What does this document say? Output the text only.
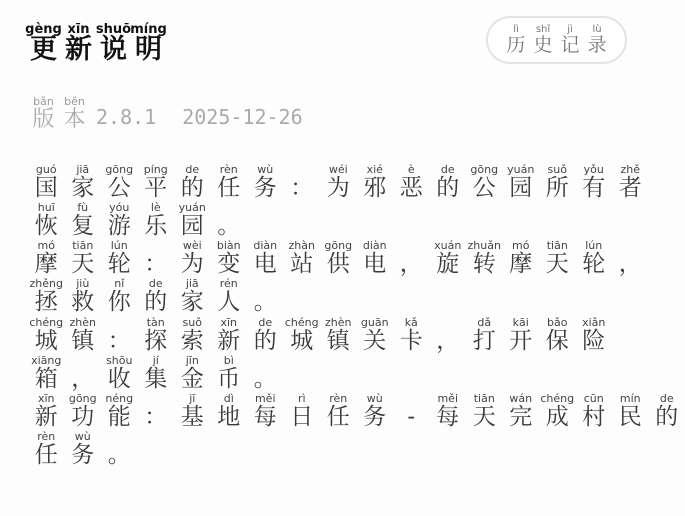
gèng
更
xīn
新
shuō
说
míng
明
lì
历
shǐ
史
jì
记
lù
录
bǎn
版
běn
本 2.8.1 2025-12-26
guó
国
jiā
家
gōng
公
píng
平
de
的
rèn
任
wù
务 ：
wéi
为
xié
邪
è
恶
de
的
gōng
公
yuán
园
suǒ
所
yǒu
有
zhě
者
huī
恢
fù
复
yóu
游
lè
乐
yuán
园 。
mó
摩
tiān
天
lún
轮 ：
wèi
为
biàn
变
diàn
电
zhàn
站
gōng
供
diàn
电 ，
xuán
旋
zhuǎn
转
mó
摩
tiān
天
lún
轮 ，
zhěng
拯
jiù
救
nǐ
你
de
的
jiā
家
rén
人 。
chéng
城
zhèn
镇 ：
tàn
探
suǒ
索
xīn
新
de
的
chéng
城
zhèn
镇
guān
关
kǎ
卡 ，
dǎ
打
kāi
开
bǎo
保
xiǎn
险
xiāng
箱 ，
shōu
收
jí
集
jīn
金
bì
币 。
xīn
新
gōng
功
néng
能 ：
jī
基
dì
地
měi
每
rì
日
rèn
任
wù
务 -
měi
每
tiān
天
wán
完
chéng
成
cūn
村
mín
民
de
的
rèn
任
wù
务 。
